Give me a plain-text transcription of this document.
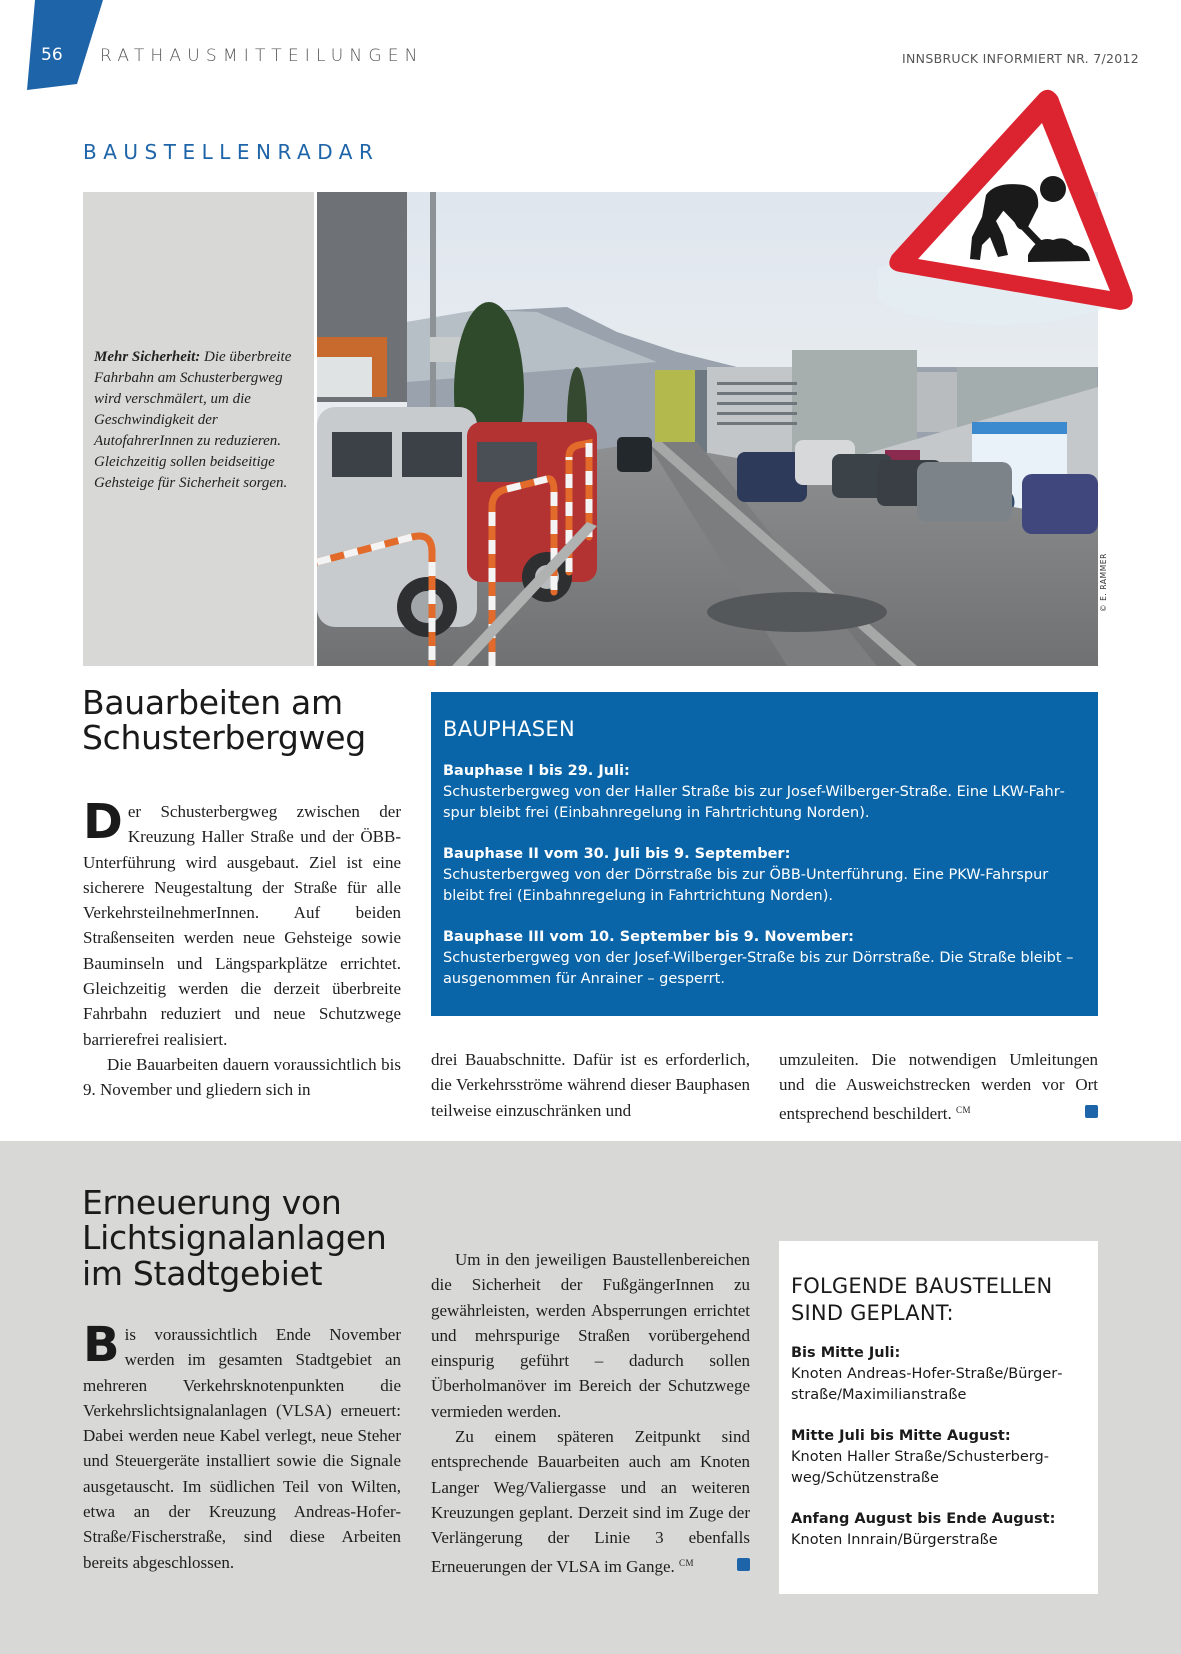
56 RATHAUSMITTEILUNGEN	INNSBRUCK INFORMIERT NR. 7/2012
BAUSTELLENRADAR
Mehr Sicherheit: Die überbreite Fahrbahn am Schusterbergweg wird verschmälert, um die Geschwindigkeit der AutofahrerInnen zu reduzieren. Gleichzeitig sollen beidseitige Gehsteige für Sicherheit sorgen.
© E. RAMMER
Bauarbeiten am Schusterbergweg

Der Schusterbergweg zwischen der Kreuzung Haller Straße und der ÖBB-Unterführung wird ausgebaut. Ziel ist eine sicherere Neugestaltung der Straße für alle VerkehrsteilnehmerInnen. Auf beiden Straßenseiten werden neue Gehsteige sowie Bauminseln und Längsparkplätze errichtet. Gleichzeitig werden die derzeit überbreite Fahrbahn reduziert und neue Schutzwege barrierefrei realisiert.

Die Bauarbeiten dauern voraussichtlich bis 9. November und gliedern sich in

drei Bauabschnitte. Dafür ist es erforderlich, die Verkehrsströme während dieser Bauphasen teilweise einzuschränken und

umzuleiten. Die notwendigen Umleitungen und die Ausweichstrecken werden vor Ort entsprechend beschildert. $^{CM}$

BAUPHASEN
Bauphase I bis 29. Juli:
Schusterbergweg von der Haller Straße bis zur Josef-Wilberger-Straße. Eine LKW-Fahrspur bleibt frei (Einbahnregelung in Fahrtrichtung Norden).
Bauphase II vom 30. Juli bis 9. September:
Schusterbergweg von der Dörrstraße bis zur ÖBB-Unterführung. Eine PKW-Fahrspur bleibt frei (Einbahnregelung in Fahrtrichtung Norden).
Bauphase III vom 10. September bis 9. November:
Schusterbergweg von der Josef-Wilberger-Straße bis zur Dörrstraße. Die Straße bleibt – ausgenommen für Anrainer – gesperrt.
Erneuerung von Lichtsignalanlagen im Stadtgebiet

Bis voraussichtlich Ende November werden im gesamten Stadtgebiet an mehreren Verkehrsknotenpunkten die Verkehrslichtsignalanlagen (VLSA) erneuert: Dabei werden neue Kabel verlegt, neue Steher und Steuergeräte installiert sowie die Signale ausgetauscht. Im südlichen Teil von Wilten, etwa an der Kreuzung Andreas-Hofer-Straße/Fischerstraße, sind diese Arbeiten bereits abgeschlossen.

Um in den jeweiligen Baustellenbereichen die Sicherheit der FußgängerInnen zu gewährleisten, werden Absperrungen errichtet und mehrspurige Straßen vorübergehend einspurig geführt – dadurch sollen Überholmanöver im Bereich der Schutzwege vermieden werden.

Zu einem späteren Zeitpunkt sind entsprechende Bauarbeiten auch am Knoten Langer Weg/Valiergasse und an weiteren Kreuzungen geplant. Derzeit sind im Zuge der Verlängerung der Linie 3 ebenfalls Erneuerungen der VLSA im Gange. $^{CM}$

FOLGENDE BAUSTELLEN SIND GEPLANT:
Bis Mitte Juli:
Knoten Andreas-Hofer-Straße/Bürgerstraße/Maximilianstraße
Mitte Juli bis Mitte August:
Knoten Haller Straße/Schusterbergweg/Schützenstraße
Anfang August bis Ende August:
Knoten Innrain/Bürgerstraße
